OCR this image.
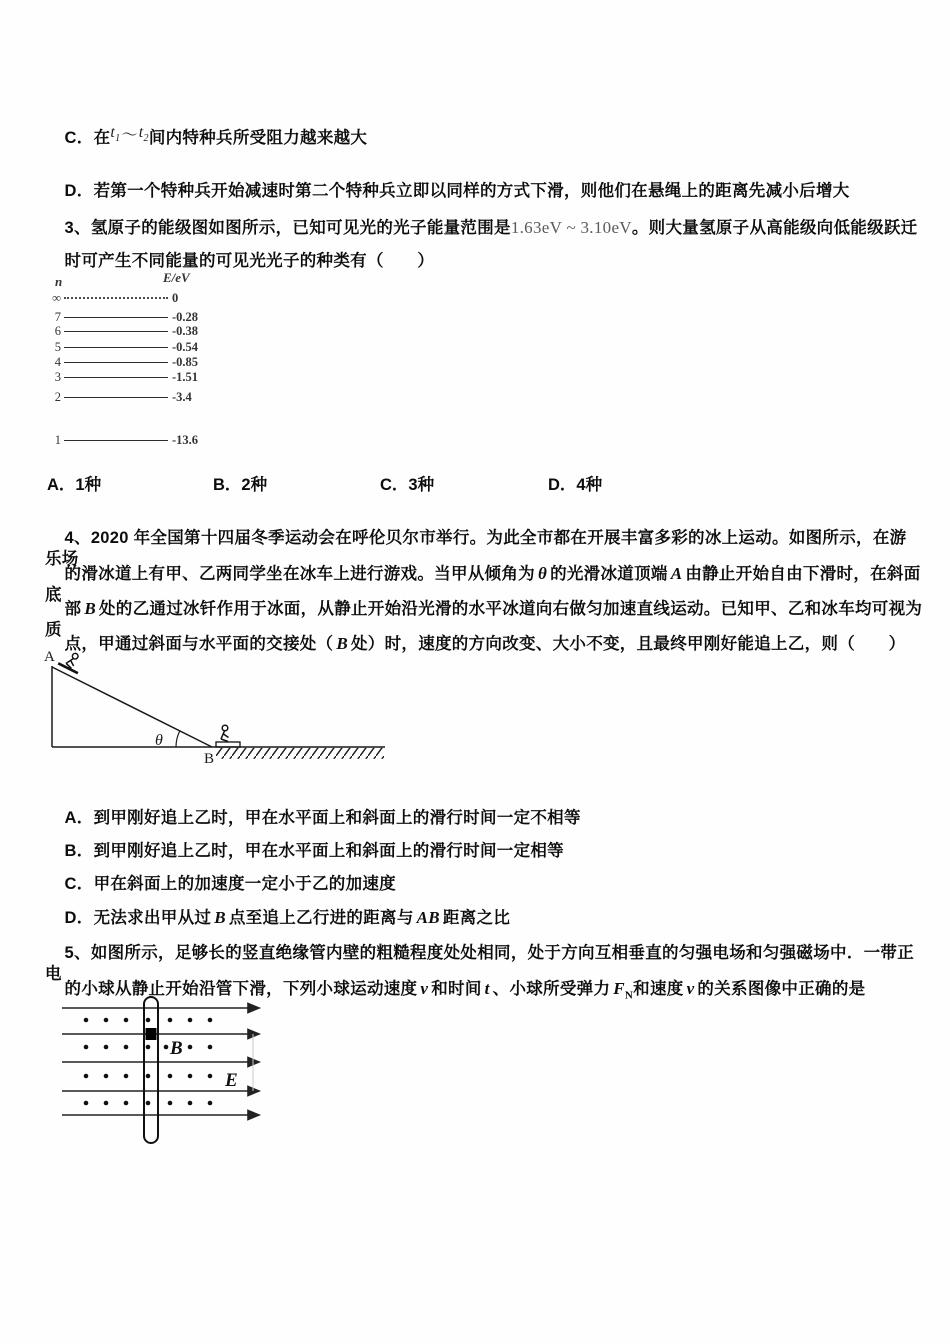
C．在$t_1\sim t_2$间内特种兵所受阻力越来越大

D．若第一个特种兵开始减速时第二个特种兵立即以同样的方式下滑，则他们在悬绳上的距离先减小后增大

3、氢原子的能级图如图所示，已知可见光的光子能量范围是1.63eV ~ 3.10eV。则大量氢原子从高能级向低能级跃迁

时可产生不同能量的可见光光子的种类有（　　）

n	E/eV
∞	0
7	-0.28
6	-0.38
5	-0.54
4	-0.85
3	-1.51
2	-3.4
1	-13.6
A．1种	B．2种	C．3种	D．4种

4、2020 年全国第十四届冬季运动会在呼伦贝尔市举行。为此全市都在开展丰富多彩的冰上运动。如图所示，在游乐场

的滑冰道上有甲、乙两同学坐在冰车上进行游戏。当甲从倾角为 θ 的光滑冰道顶端 A 由静止开始自由下滑时，在斜面底

部 B 处的乙通过冰钎作用于冰面，从静止开始沿光滑的水平冰道向右做匀加速直线运动。已知甲、乙和冰车均可视为质

点，甲通过斜面与水平面的交接处（ B 处）时，速度的方向改变、大小不变，且最终甲刚好能追上乙，则（　　）

A
B
θ

A．到甲刚好追上乙时，甲在水平面上和斜面上的滑行时间一定不相等

B．到甲刚好追上乙时，甲在水平面上和斜面上的滑行时间一定相等

C．甲在斜面上的加速度一定小于乙的加速度

D．无法求出甲从过 B 点至追上乙行进的距离与 AB 距离之比

5、如图所示，足够长的竖直绝缘管内壁的粗糙程度处处相同，处于方向互相垂直的匀强电场和匀强磁场中．一带正电

的小球从静止开始沿管下滑，下列小球运动速度 v 和时间 t 、小球所受弹力 $F_N$和速度 v 的关系图像中正确的是

B
E
